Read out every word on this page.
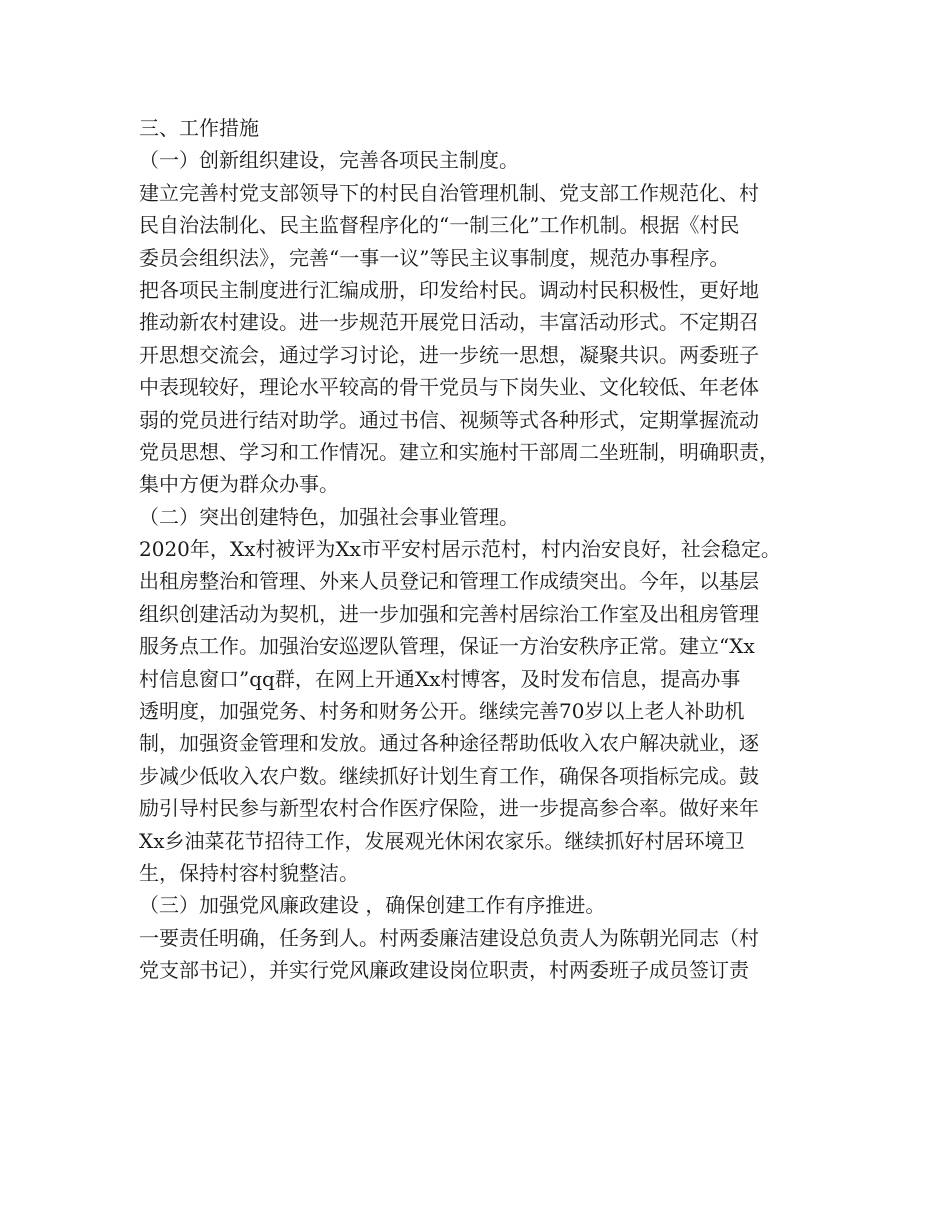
三、工作措施
（一）创新组织建设，完善各项民主制度。
建立完善村党支部领导下的村民自治管理机制、党支部工作规范化、村
民自治法制化、民主监督程序化的“一制三化”工作机制。根据《村民
委员会组织法》，完善“一事一议”等民主议事制度，规范办事程序。
把各项民主制度进行汇编成册，印发给村民。调动村民积极性，更好地
推动新农村建设。进一步规范开展党日活动，丰富活动形式。不定期召
开思想交流会，通过学习讨论，进一步统一思想，凝聚共识。两委班子
中表现较好，理论水平较高的骨干党员与下岗失业、文化较低、年老体
弱的党员进行结对助学。通过书信、视频等式各种形式，定期掌握流动
党员思想、学习和工作情况。建立和实施村干部周二坐班制，明确职责，
集中方便为群众办事。
（二）突出创建特色，加强社会事业管理。
2020年，Xx村被评为Xx市平安村居示范村，村内治安良好，社会稳定。
出租房整治和管理、外来人员登记和管理工作成绩突出。今年，以基层
组织创建活动为契机，进一步加强和完善村居综治工作室及出租房管理
服务点工作。加强治安巡逻队管理，保证一方治安秩序正常。建立“Xx
村信息窗口”qq群，在网上开通Xx村博客，及时发布信息，提高办事
透明度，加强党务、村务和财务公开。继续完善70岁以上老人补助机
制，加强资金管理和发放。通过各种途径帮助低收入农户解决就业，逐
步减少低收入农户数。继续抓好计划生育工作，确保各项指标完成。鼓
励引导村民参与新型农村合作医疗保险，进一步提高参合率。做好来年
Xx乡油菜花节招待工作，发展观光休闲农家乐。继续抓好村居环境卫
生，保持村容村貌整洁。
（三）加强党风廉政建设 ，确保创建工作有序推进。
一要责任明确，任务到人。村两委廉洁建设总负责人为陈朝光同志（村
党支部书记），并实行党风廉政建设岗位职责，村两委班子成员签订责
